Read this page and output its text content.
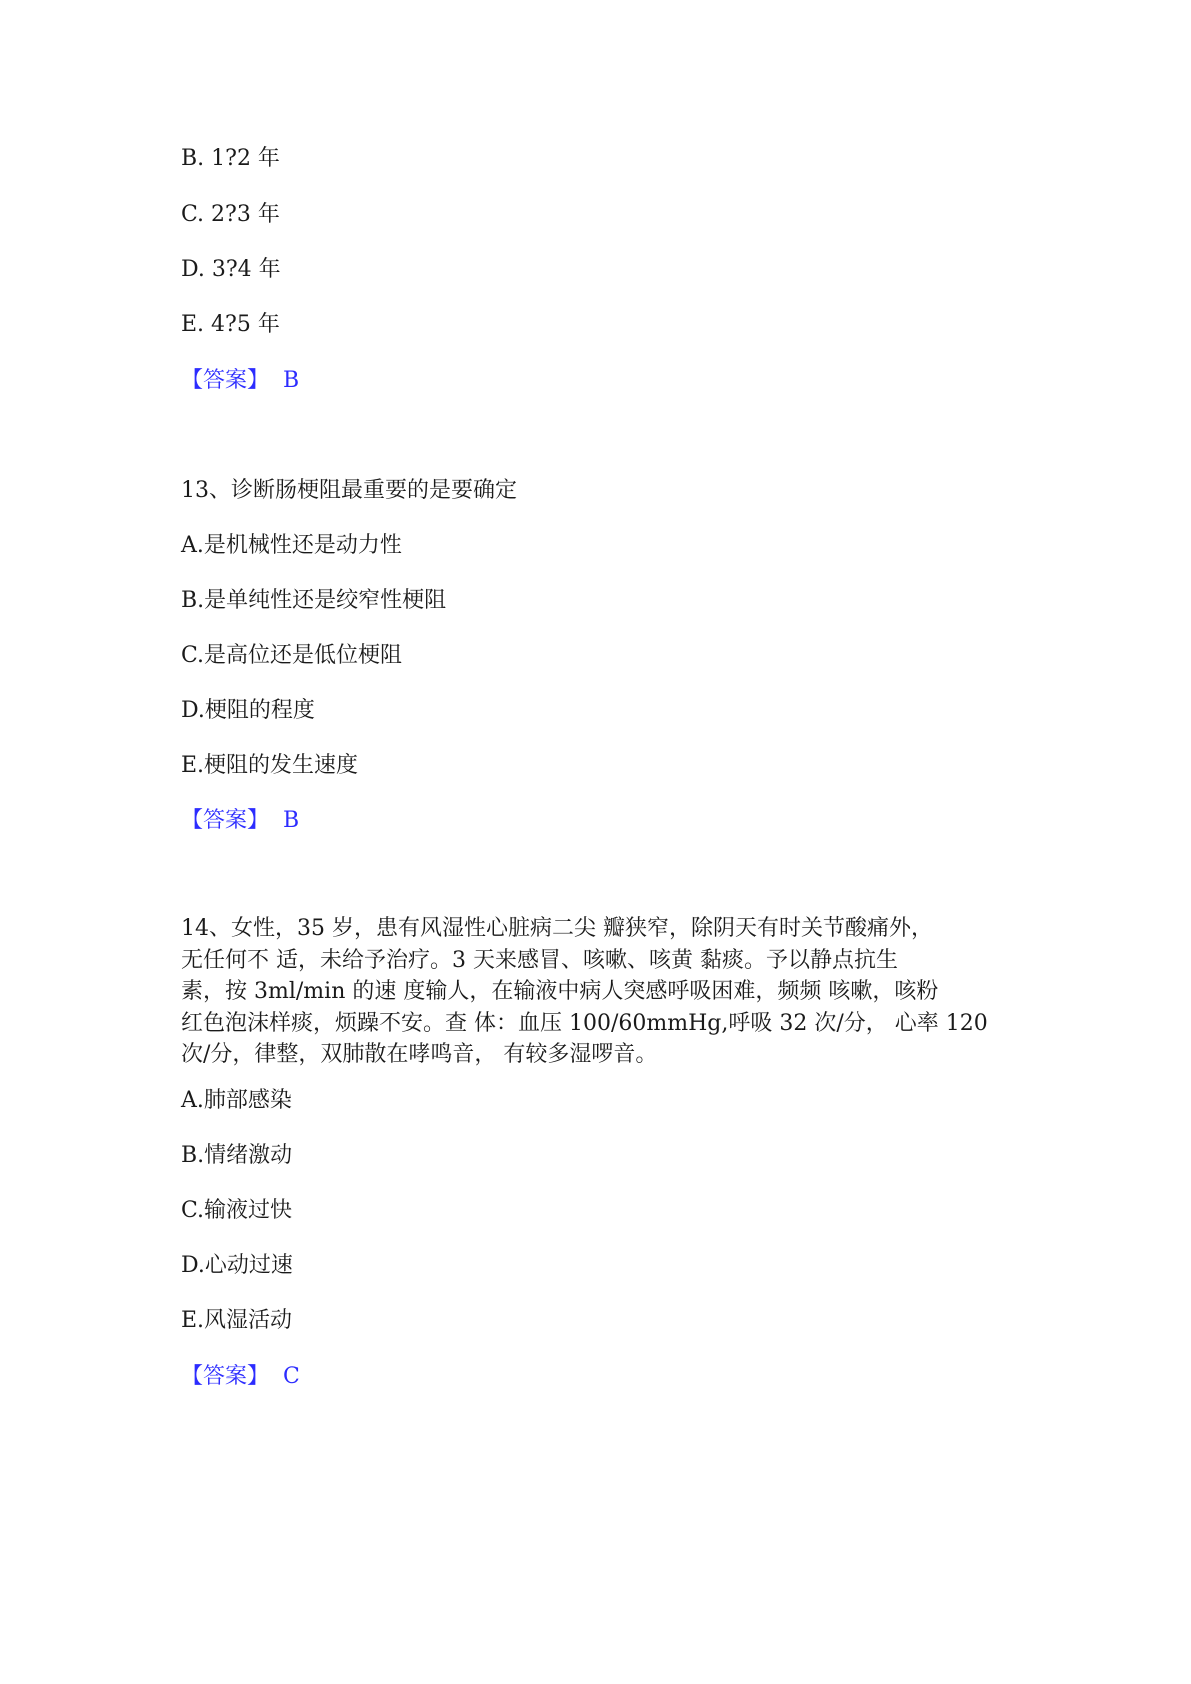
B. 1?2 年
C. 2?3 年
D. 3?4 年
E. 4?5 年
【答案】 B
13、诊断肠梗阻最重要的是要确定
A.是机械性还是动力性
B.是单纯性还是绞窄性梗阻
C.是高位还是低位梗阻
D.梗阻的程度
E.梗阻的发生速度
【答案】 B
14、女性，35 岁，患有风湿性心脏病二尖 瓣狭窄，除阴天有时关节酸痛外，
无任何不 适，未给予治疗。3 天来感冒、咳嗽、咳黄 黏痰。予以静点抗生
素，按 3ml/min 的速 度输人，在输液中病人突感呼吸困难，频频 咳嗽，咳粉
红色泡沫样痰，烦躁不安。查 体：血压 100/60mmHg,呼吸 32 次/分， 心率 120
次/分，律整，双肺散在哮鸣音， 有较多湿啰音。
A.肺部感染
B.情绪激动
C.输液过快
D.心动过速
E.风湿活动
【答案】 C
